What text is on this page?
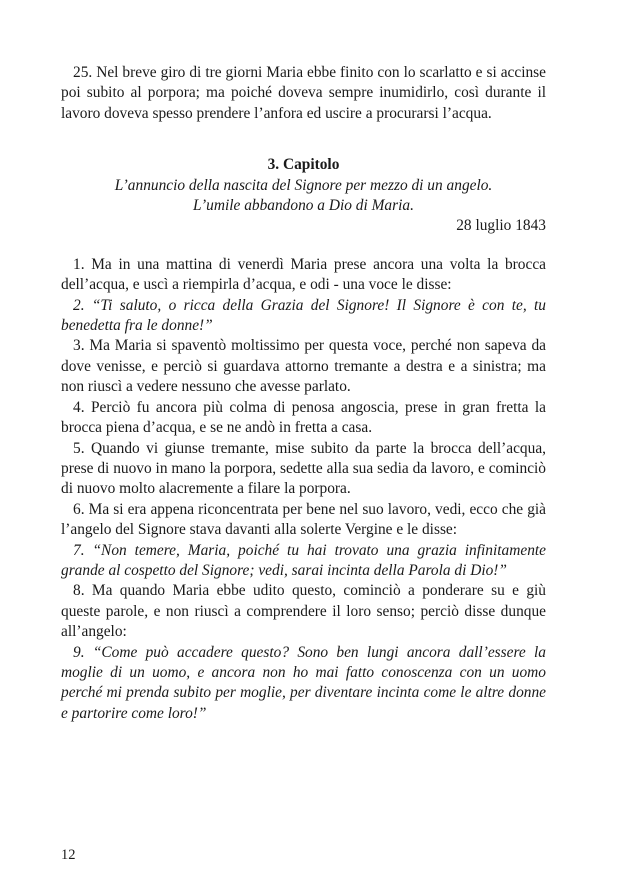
25. Nel breve giro di tre giorni Maria ebbe finito con lo scarlatto e si accinse poi subito al porpora; ma poiché doveva sempre inumidirlo, così durante il lavoro doveva spesso prendere l’anfora ed uscire a procurarsi l’acqua.

3. Capitolo

L’annuncio della nascita del Signore per mezzo di un angelo.

L’umile abbandono a Dio di Maria.

28 luglio 1843

1. Ma in una mattina di venerdì Maria prese ancora una volta la brocca dell’acqua, e uscì a riempirla d’acqua, e odi - una voce le disse:

2. “Ti saluto, o ricca della Grazia del Signore! Il Signore è con te, tu benedetta fra le donne!”

3. Ma Maria si spaventò moltissimo per questa voce, perché non sapeva da dove venisse, e perciò si guardava attorno tremante a destra e a sinistra; ma non riuscì a vedere nessuno che avesse parlato.

4. Perciò fu ancora più colma di penosa angoscia, prese in gran fretta la brocca piena d’acqua, e se ne andò in fretta a casa.

5. Quando vi giunse tremante, mise subito da parte la brocca dell’acqua, prese di nuovo in mano la porpora, sedette alla sua sedia da lavoro, e cominciò di nuovo molto alacremente a filare la porpora.

6. Ma si era appena riconcentrata per bene nel suo lavoro, vedi, ecco che già l’angelo del Signore stava davanti alla solerte Vergine e le disse:

7. “Non temere, Maria, poiché tu hai trovato una grazia infinitamente grande al cospetto del Signore; vedi, sarai incinta della Parola di Dio!”

8. Ma quando Maria ebbe udito questo, cominciò a ponderare su e giù queste parole, e non riuscì a comprendere il loro senso; perciò disse dunque all’angelo:

9. “Come può accadere questo? Sono ben lungi ancora dall’essere la moglie di un uomo, e ancora non ho mai fatto conoscenza con un uomo perché mi prenda subito per moglie, per diventare incinta come le altre donne e partorire come loro!”

12
